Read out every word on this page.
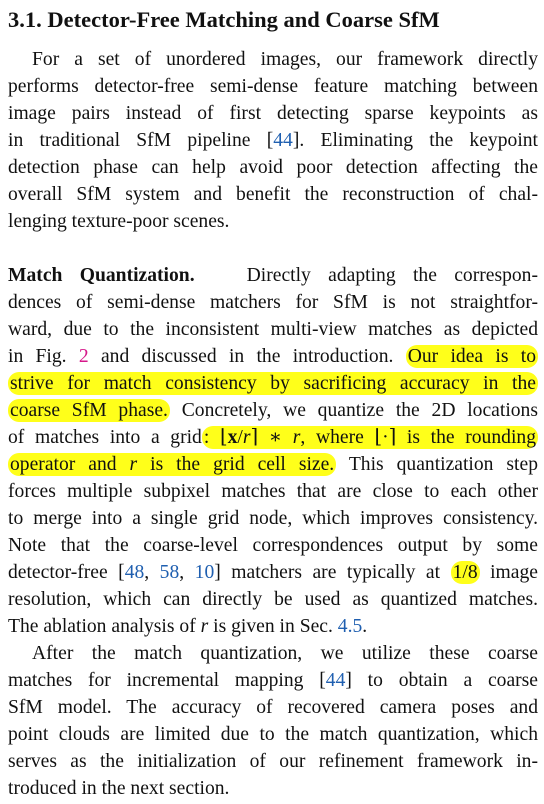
3.1. Detector-Free Matching and Coarse SfM
For a set of unordered images, our framework directly
performs detector-free semi-dense feature matching between
image pairs instead of first detecting sparse keypoints as
in traditional SfM pipeline [44]. Eliminating the keypoint
detection phase can help avoid poor detection affecting the
overall SfM system and benefit the reconstruction of chal-
lenging texture-poor scenes.
Match Quantization.	Directly adapting the correspon-
dences of semi-dense matchers for SfM is not straightfor-
ward, due to the inconsistent multi-view matches as depicted
in Fig. 2 and discussed in the introduction. Our idea is to
strive for match consistency by sacrificing accuracy in the
coarse SfM phase. Concretely, we quantize the 2D locations
of matches into a grid : ⌊x/r⌉ ∗ r, where ⌊·⌉ is the rounding
operator and r is the grid cell size. This quantization step
forces multiple subpixel matches that are close to each other
to merge into a single grid node, which improves consistency.
Note that the coarse-level correspondences output by some
detector-free [48, 58, 10] matchers are typically at 1/8 image
resolution, which can directly be used as quantized matches.
The ablation analysis of r is given in Sec. 4.5.
After the match quantization, we utilize these coarse
matches for incremental mapping [44] to obtain a coarse
SfM model. The accuracy of recovered camera poses and
point clouds are limited due to the match quantization, which
serves as the initialization of our refinement framework in-
troduced in the next section.
